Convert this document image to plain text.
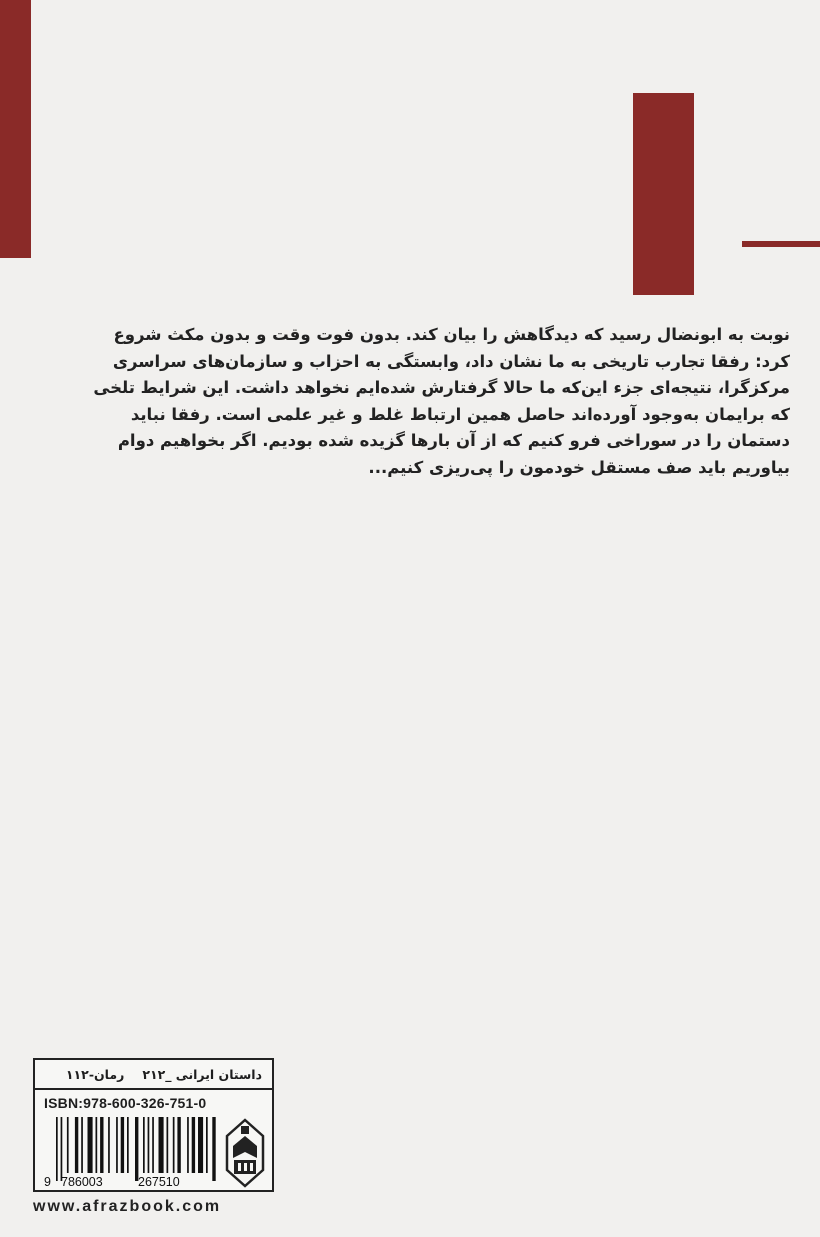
نوبت به ابونضال رسید که دیدگاهش را بیان کند. بدون فوت وقت و بدون مکث شروع

کرد: رفقا تجارب تاریخی به ما نشان داد، وابستگی به احزاب و سازمان‌های سراسری

مرکزگرا، نتیجه‌ای جزء این‌که ما حالا گرفتارش شده‌ایم نخواهد داشت. این شرایط تلخی

که برایمان به‌وجود آورده‌اند حاصل همین ارتباط غلط و غیر علمی است. رفقا نباید

دستمان را در سوراخی فرو کنیم که از آن بارها گزیده شده بودیم. اگر بخواهیم دوام

بیاوریم باید صف مستقل خودمون را پی‌ریزی کنیم...

داستان ایرانی _۲۱۲
رمان-۱۱۲
ISBN:978-600-326-751-0
9 786003	267510
www.afrazbook.com
